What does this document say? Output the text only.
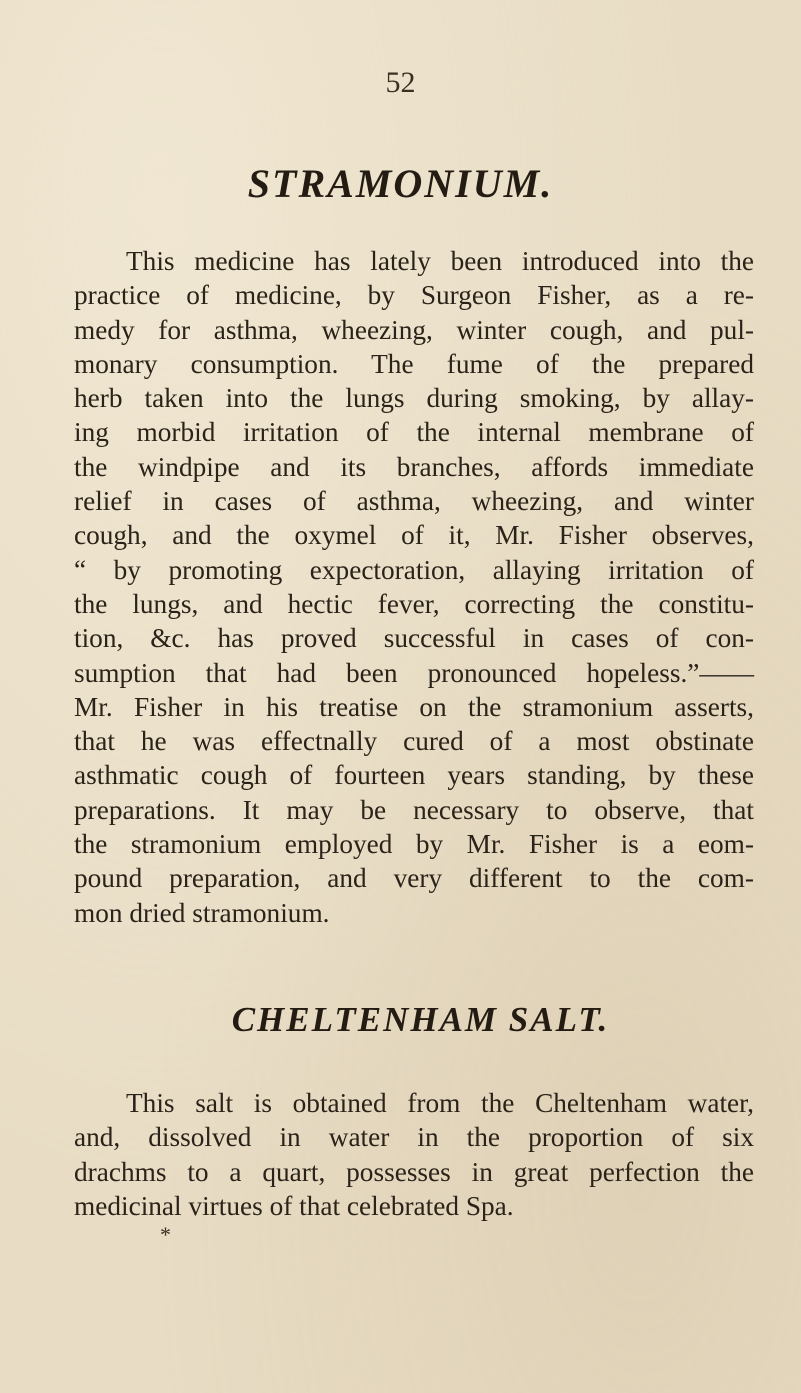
52
STRAMONIUM.

This medicine has lately been introduced into the
practice of medicine, by Surgeon Fisher, as a re-
medy for asthma, wheezing, winter cough, and pul-
monary consumption. The fume of the prepared
herb taken into the lungs during smoking, by allay-
ing morbid irritation of the internal membrane of
the windpipe and its branches, affords immediate
relief in cases of asthma, wheezing, and winter
cough, and the oxymel of it, Mr. Fisher observes,
“ by promoting expectoration, allaying irritation of
the lungs, and hectic fever, correcting the constitu-
tion, &c. has proved successful in cases of con-
sumption that had been pronounced hopeless.”——
Mr. Fisher in his treatise on the stramonium asserts,
that he was effectnally cured of a most obstinate
asthmatic cough of fourteen years standing, by these
preparations. It may be necessary to observe, that
the stramonium employed by Mr. Fisher is a eom-
pound preparation, and very different to the com-
mon dried stramonium.

CHELTENHAM SALT.

This salt is obtained from the Cheltenham water,
and, dissolved in water in the proportion of six
drachms to a quart, possesses in great perfection the
medicinal virtues of that celebrated Spa.

*
